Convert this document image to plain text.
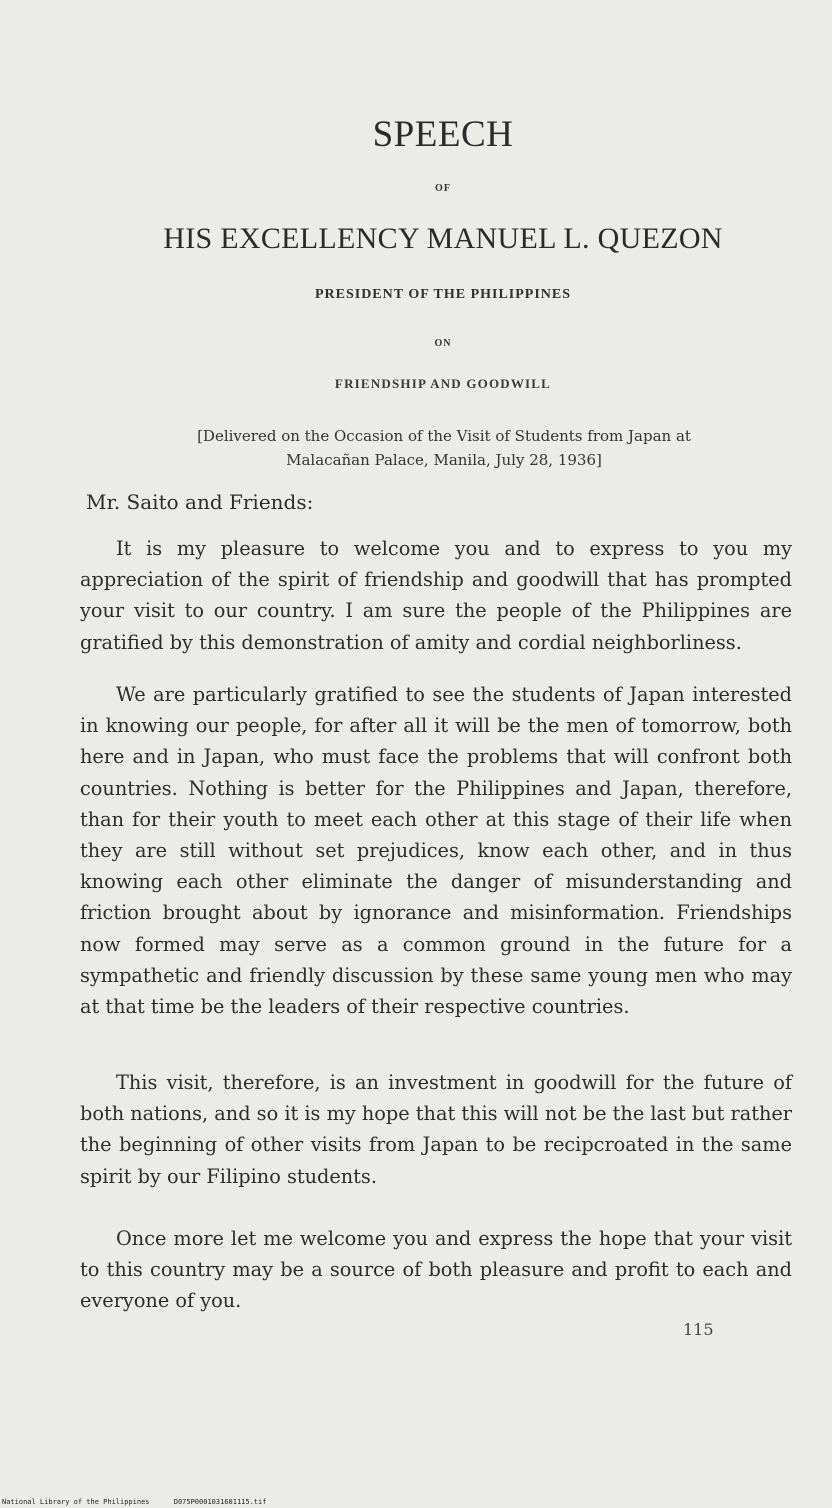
SPEECH
OF
HIS EXCELLENCY MANUEL L. QUEZON
PRESIDENT OF THE PHILIPPINES
ON
FRIENDSHIP AND GOODWILL
[Delivered on the Occasion of the Visit of Students from Japan at
Malacañan Palace, Manila, July 28, 1936]
Mr. Saito and Friends:

It is my pleasure to welcome you and to express to you my appreciation of the spirit of friendship and goodwill that has prompted your visit to our country. I am sure the people of the Philippines are gratified by this demonstration of amity and cordial neighborliness.

We are particularly gratified to see the students of Japan interested in knowing our people, for after all it will be the men of tomorrow, both here and in Japan, who must face the problems that will confront both countries. Nothing is better for the Philippines and Japan, therefore, than for their youth to meet each other at this stage of their life when they are still without set prejudices, know each other, and in thus knowing each other eliminate the danger of misunderstanding and friction brought about by ignorance and misinformation. Friendships now formed may serve as a common ground in the future for a sympathetic and friendly discussion by these same young men who may at that time be the leaders of their respective countries.

This visit, therefore, is an investment in goodwill for the future of both nations, and so it is my hope that this will not be the last but rather the beginning of other visits from Japan to be recipcroated in the same spirit by our Filipino students.

Once more let me welcome you and express the hope that your visit to this country may be a source of both pleasure and profit to each and everyone of you.

115
National Library of the Philippines	D075P0001031601115.tif
